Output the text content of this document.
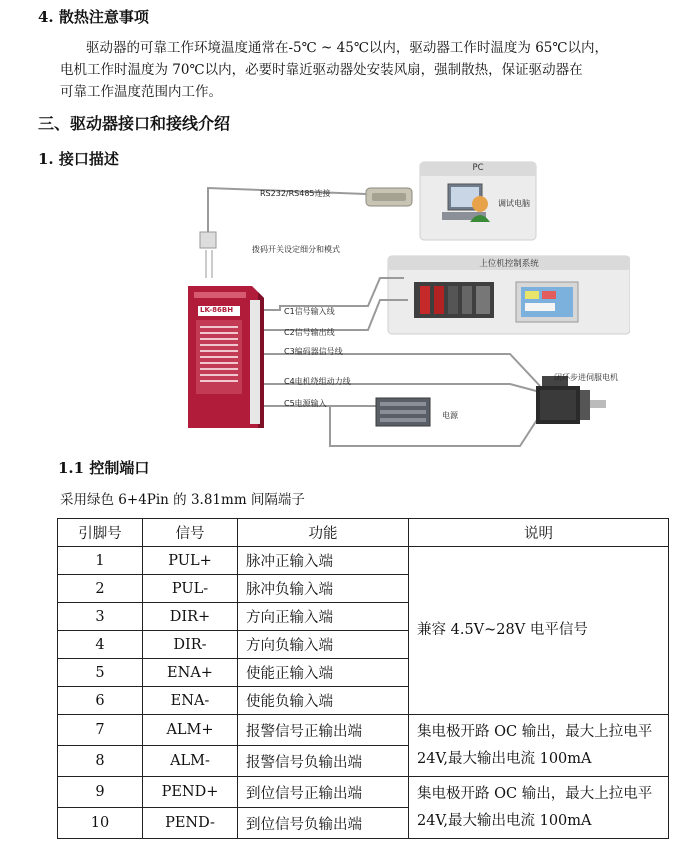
4. 散热注意事项
驱动器的可靠工作环境温度通常在-5℃ ~ 45℃以内，驱动器工作时温度为 65℃以内，
电机工作时温度为 70℃以内，必要时靠近驱动器处安装风扇，强制散热，保证驱动器在
可靠工作温度范围内工作。
三、驱动器接口和接线介绍
1. 接口描述	PC
调试电脑
RS232/RS485连接
拨码开关设定细分和模式
上位机控制系统
LK-86BH	C1信号输入线
C2信号输出线
C3编码器信号线
C4电机绕组动力线
C5电源输入
闭环步进伺服电机
电源
1.1 控制端口
采用绿色 6+4Pin 的 3.81mm 间隔端子
引脚号	信号	功能	说明
1	PUL+	脉冲正输入端	兼容 4.5V~28V 电平信号
2	PUL-	脉冲负输入端	
3	DIR+	方向正输入端	
4	DIR-	方向负输入端	
5	ENA+	使能正输入端	
6	ENA-	使能负输入端	
7	ALM+	报警信号正输出端	集电极开路 OC 输出，最大上拉电平 24V,最大输出电流 100mA
8	ALM-	报警信号负输出端	
9	PEND+	到位信号正输出端	集电极开路 OC 输出，最大上拉电平 24V,最大输出电流 100mA
10	PEND-	到位信号负输出端	
